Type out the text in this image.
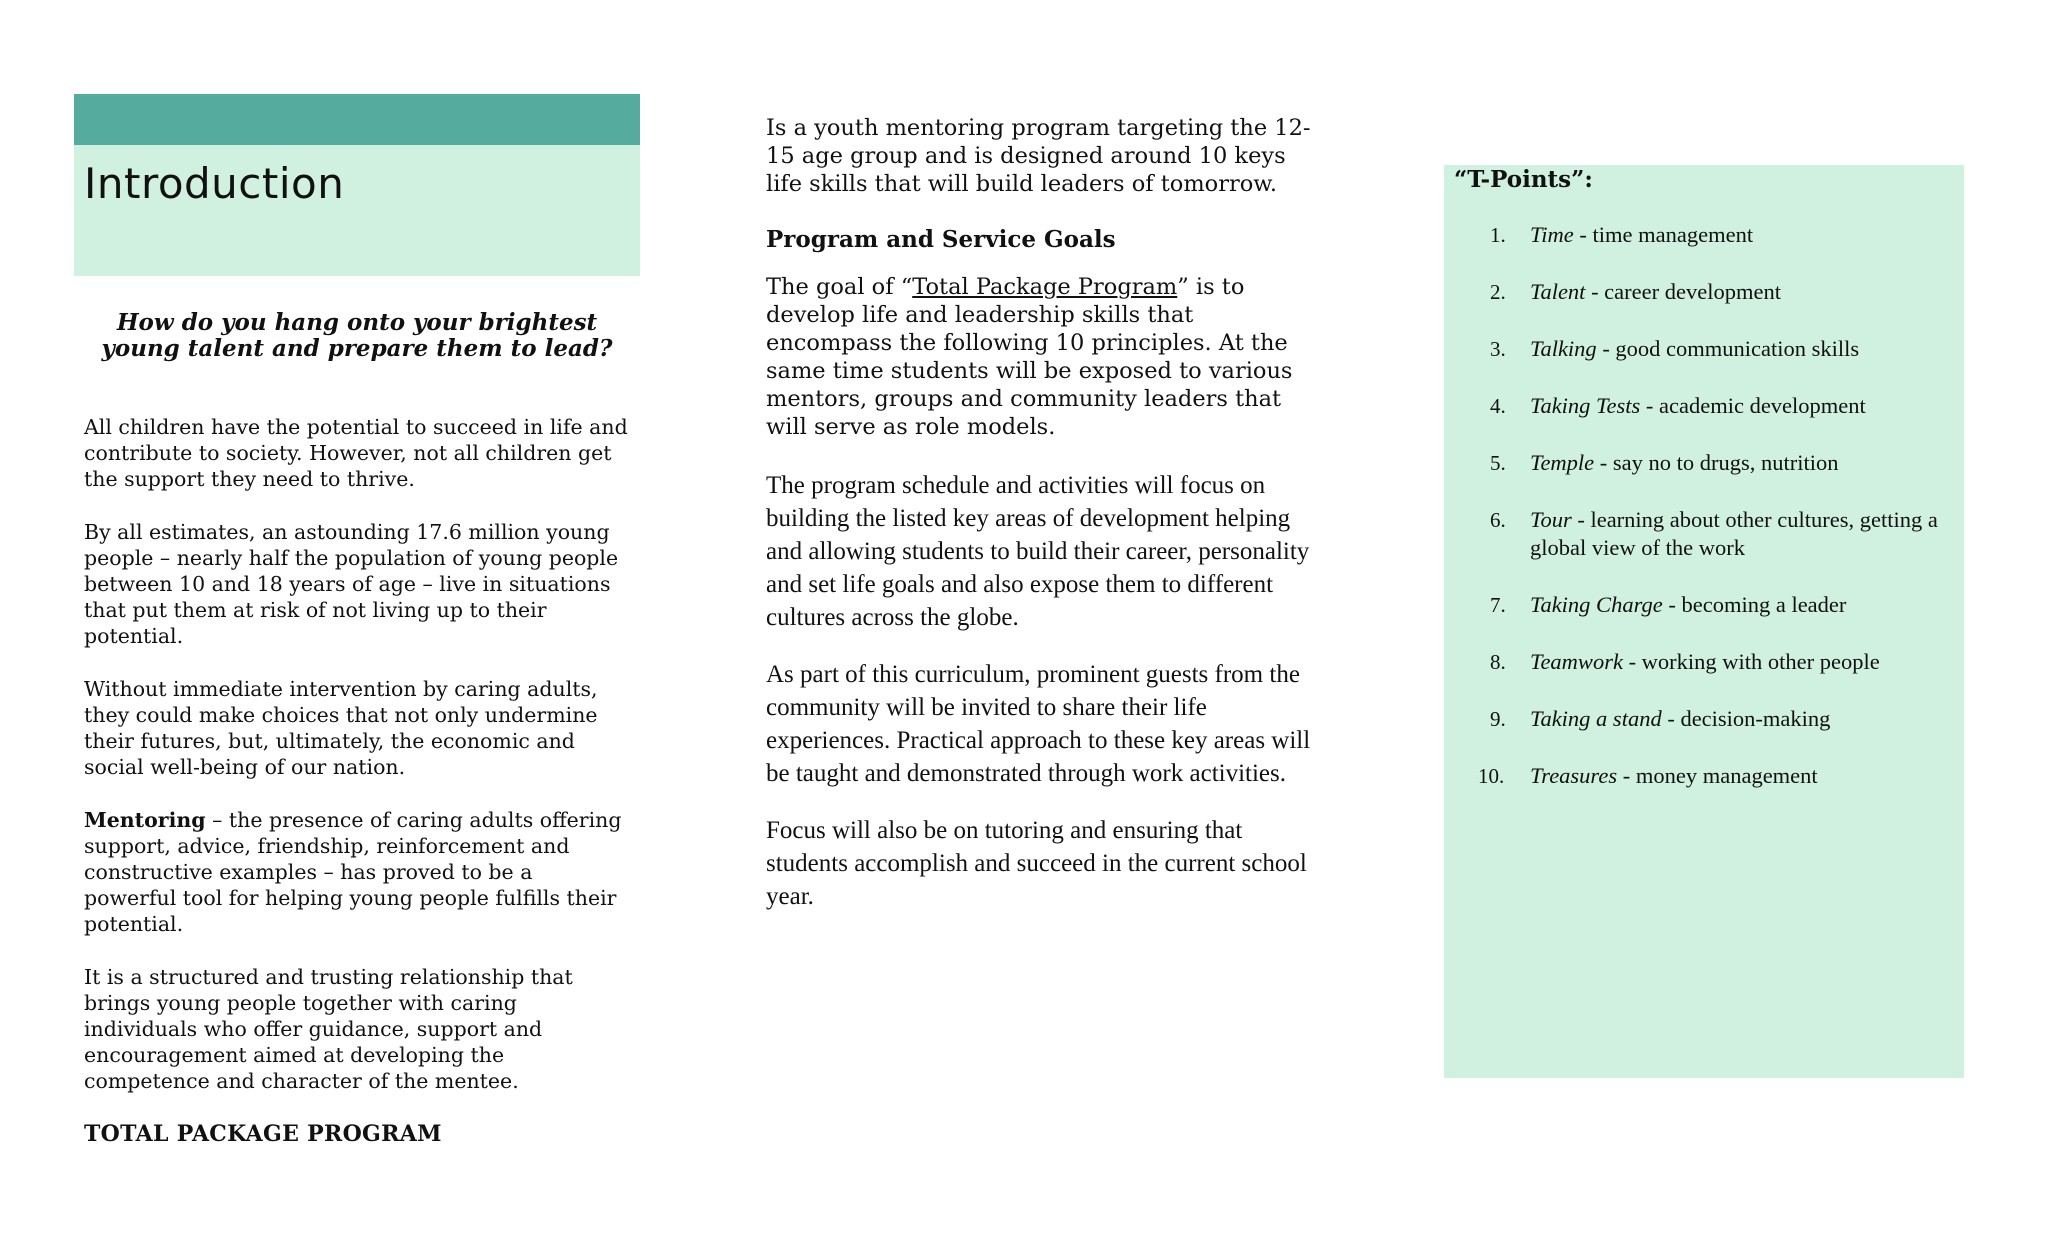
Introduction
How do you hang onto your brightest young talent and prepare them to lead?

All children have the potential to succeed in life and contribute to society. However, not all children get the support they need to thrive.

By all estimates, an astounding 17.6 million young people – nearly half the population of young people between 10 and 18 years of age – live in situations that put them at risk of not living up to their potential.

Without immediate intervention by caring adults, they could make choices that not only undermine their futures, but, ultimately, the economic and social well-being of our nation.

Mentoring – the presence of caring adults offering support, advice, friendship, reinforcement and constructive examples – has proved to be a powerful tool for helping young people fulfills their potential.

It is a structured and trusting relationship that brings young people together with caring individuals who offer guidance, support and encouragement aimed at developing the competence and character of the mentee.

TOTAL PACKAGE PROGRAM

Is a youth mentoring program targeting the 12-15 age group and is designed around 10 keys life skills that will build leaders of tomorrow.

Program and Service Goals

The goal of “Total Package Program” is to develop life and leadership skills that encompass the following 10 principles. At the same time students will be exposed to various mentors, groups and community leaders that will serve as role models.

The program schedule and activities will focus on building the listed key areas of development helping and allowing students to build their career, personality and set life goals and also expose them to different cultures across the globe.

As part of this curriculum, prominent guests from the community will be invited to share their life experiences. Practical approach to these key areas will be taught and demonstrated through work activities.

Focus will also be on tutoring and ensuring that students accomplish and succeed in the current school year.

“T-Points”:
1. Time - time management
2. Talent - career development
3. Talking - good communication skills
4. Taking Tests - academic development
5. Temple - say no to drugs, nutrition
6. Tour - learning about other cultures, getting a global view of the work
7. Taking Charge - becoming a leader
8. Teamwork - working with other people
9. Taking a stand - decision-making
10. Treasures - money management
